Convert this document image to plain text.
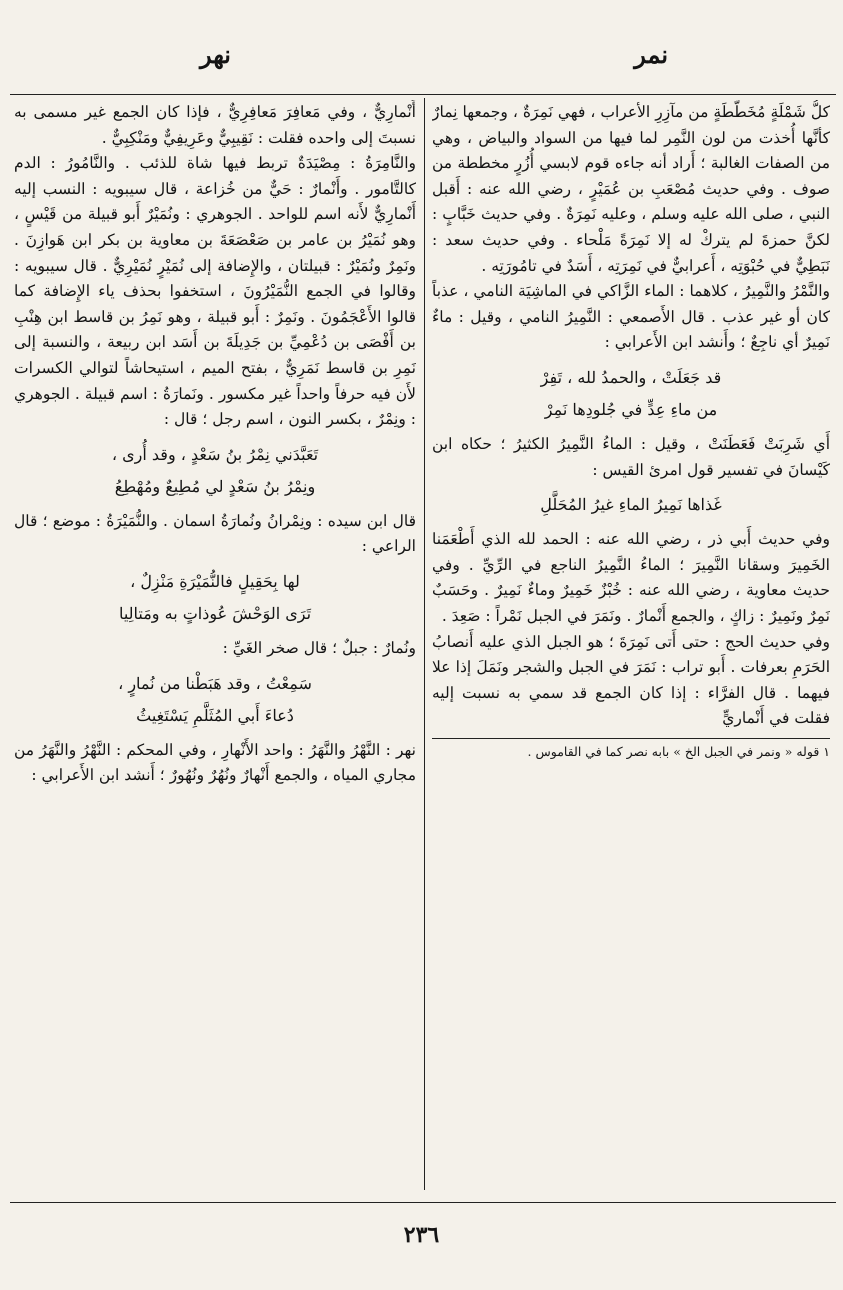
نمر
نهر

كلُّ شَمْلَةٍ مُخَطَّطَةٍ من مآزِرِ الأعراب ، فهي نَمِرَةٌ ، وجمعها نِمارٌ كأنَّها أُخذت من لون النَّمِر لما فيها من السواد والبياض ، وهي من الصفات الغالبة ؛ أَراد أنه جاءه قوم لابسي أُزُرٍ مخططة من صوف . وفي حديث مُصْعَبِ بن عُمَيْرٍ ، رضي الله عنه : أَقبل النبي ، صلى الله عليه وسلم ، وعليه نَمِرَةٌ . وفي حديث خَبَّابٍ : لكنَّ حمزةَ لم يتركْ له إلا نَمِرَةً مَلْحاء . وفي حديث سعد : نَبَطِيٌّ في حُبْوَتِه ، أَعرابيٌّ في نَمِرَتِه ، أَسَدٌ في تامُورَتِه .

والنَّمْرُ والنَّمِيرُ ، كلاهما : الماء الزَّاكي في الماشِيَة النامي ، عذباً كان أو غير عذب . قال الأَصمعي : النَّمِيرُ النامي ، وقيل : ماءٌ نَمِيرٌ أي ناجِعٌ ؛ وأَنشد ابن الأَعرابي :

قد جَعَلَتْ ، والحمدُ لله ، تَفِرْ
من ماءِ عِدٍّ في جُلودِها نَمِرْ

أَي شَرِبَتْ فَعَطَنَتْ ، وقيل : الماءُ النَّمِيرُ الكثيرُ ؛ حكاه ابن كَيْسانَ في تفسير قول امرئ القيس :

غَذاها نَمِيرُ الماءِ غيرُ المُحَلَّلِ

وفي حديث أَبي ذر ، رضي الله عنه : الحمد لله الذي أَطْعَمَنا الخَمِيرَ وسقانا النَّمِيرَ ؛ الماءُ النَّمِيرُ الناجع في الرِّيِّ . وفي حديث معاوية ، رضي الله عنه : خُبْزٌ خَمِيرٌ وماءٌ نَمِيرٌ . وحَسَبٌ نَمِرٌ ونَمِيرٌ : زاكٍ ، والجمع أَنْمارٌ . ونَمَرَ في الجبل نَمْراً : صَعِدَ .

وفي حديث الحج : حتى أَتى نَمِرَةَ ؛ هو الجبل الذي عليه أَنصابُ الحَرَمِ بعرفات . أَبو تراب : نَمَرَ في الجبل والشجر ونَمَلَ إذا علا فيهما . قال الفرَّاء : إذا كان الجمع قد سمي به نسبت إليه فقلت في أَنْماريٍّ

١ قوله « ونمر في الجبل الخ » بابه نصر كما في القاموس .

أَنْمارِيٌّ ، وفي مَعافِرَ مَعافِرِيٌّ ، فإذا كان الجمع غير مسمى به نسبتَ إلى واحده فقلت : نَقِيبِيٌّ وعَرِيفِيٌّ ومَنْكِبِيٌّ .

والنَّامِرَةُ : مِصْيَدَةٌ تربط فيها شاة للذئب . والنَّامُورُ : الدم كالتَّامور . وأَنْمارٌ : حَيٌّ من خُزاعة ، قال سيبويه : النسب إليه أَنْمارِيٌّ لأَنه اسم للواحد . الجوهري : ونُمَيْرٌ أَبو قبيلة من قَيْسٍ ، وهو نُمَيْرُ بن عامر بن صَعْصَعَةَ بن معاوية بن بكر ابن هَوازِنَ . ونَمِرٌ ونُمَيْرٌ : قبيلتان ، والإِضافة إلى نُمَيْرٍ نُمَيْرِيٌّ . قال سيبويه : وقالوا في الجمع النُّمَيْرُونَ ، استخفوا بحذف ياء الإِضافة كما قالوا الأَعْجَمُونَ . ونَمِرٌ : أَبو قبيلة ، وهو نَمِرُ بن قاسط ابن هِنْبِ بن أَفْصَى بن دُعْمِيِّ بن جَدِيلَةَ بن أَسَد ابن ربيعة ، والنسبة إلى نَمِرِ بن قاسط نَمَرِيٌّ ، بفتح الميم ، استيحاشاً لتوالي الكسرات لأَن فيه حرفاً واحداً غير مكسور . ونَمارَةُ : اسم قبيلة . الجوهري : ونِمْرٌ ، بكسر النون ، اسم رجل ؛ قال :

تَعَبَّدَني نِمْرُ بنُ سَعْدٍ ، وقد أُرى ،
ونِمْرُ بنُ سَعْدٍ لي مُطِيعٌ ومُهْطِعُ

قال ابن سيده : ونِمْرانُ ونُمارَةُ اسمان . والنُّمَيْرَةُ : موضع ؛ قال الراعي :

لها بِحَقِيلٍ فالنُّمَيْرَةِ مَنْزِلٌ ،
تَرَى الوَحْشَ عُوذاتٍ به ومَتالِيا

ونُمارٌ : جبلٌ ؛ قال صخر الغَيِّ :

سَمِعْتُ ، وقد هَبَطْنا من نُمارٍ ،
دُعاءَ أَبي المُثَلَّمِ يَسْتَغِيثُ

نهر : النَّهْرُ والنَّهَرُ : واحد الأَنْهارِ ، وفي المحكم : النَّهْرُ والنَّهَرُ من مجاري المياه ، والجمع أَنْهارٌ ونُهُرٌ ونُهُورٌ ؛ أَنشد ابن الأَعرابي :

٢٣٦
